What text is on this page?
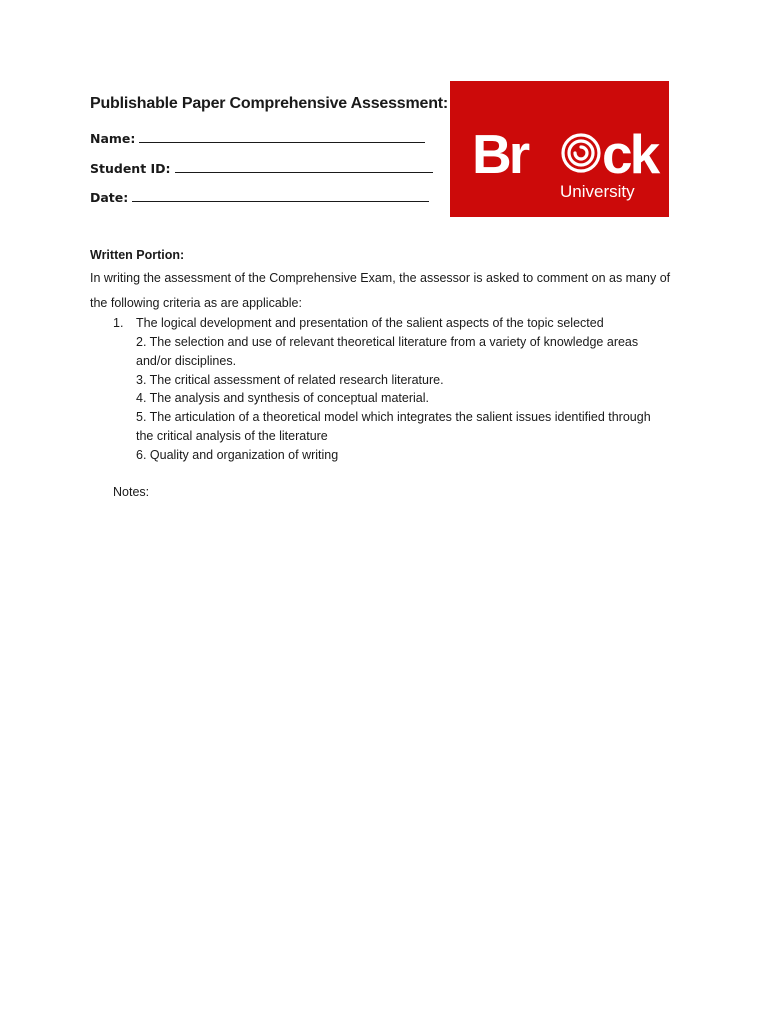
Publishable Paper Comprehensive Assessment:
Name:
Student ID:
Date:
Br ck
University
Written Portion:
In writing the assessment of the Comprehensive Exam, the assessor is asked to comment on as many of
the following criteria as are applicable:
1. The logical development and presentation of the salient aspects of the topic selected
2. The selection and use of relevant theoretical literature from a variety of knowledge areas
and/or disciplines.
3. The critical assessment of related research literature.
4. The analysis and synthesis of conceptual material.
5. The articulation of a theoretical model which integrates the salient issues identified through
the critical analysis of the literature
6. Quality and organization of writing
Notes:
